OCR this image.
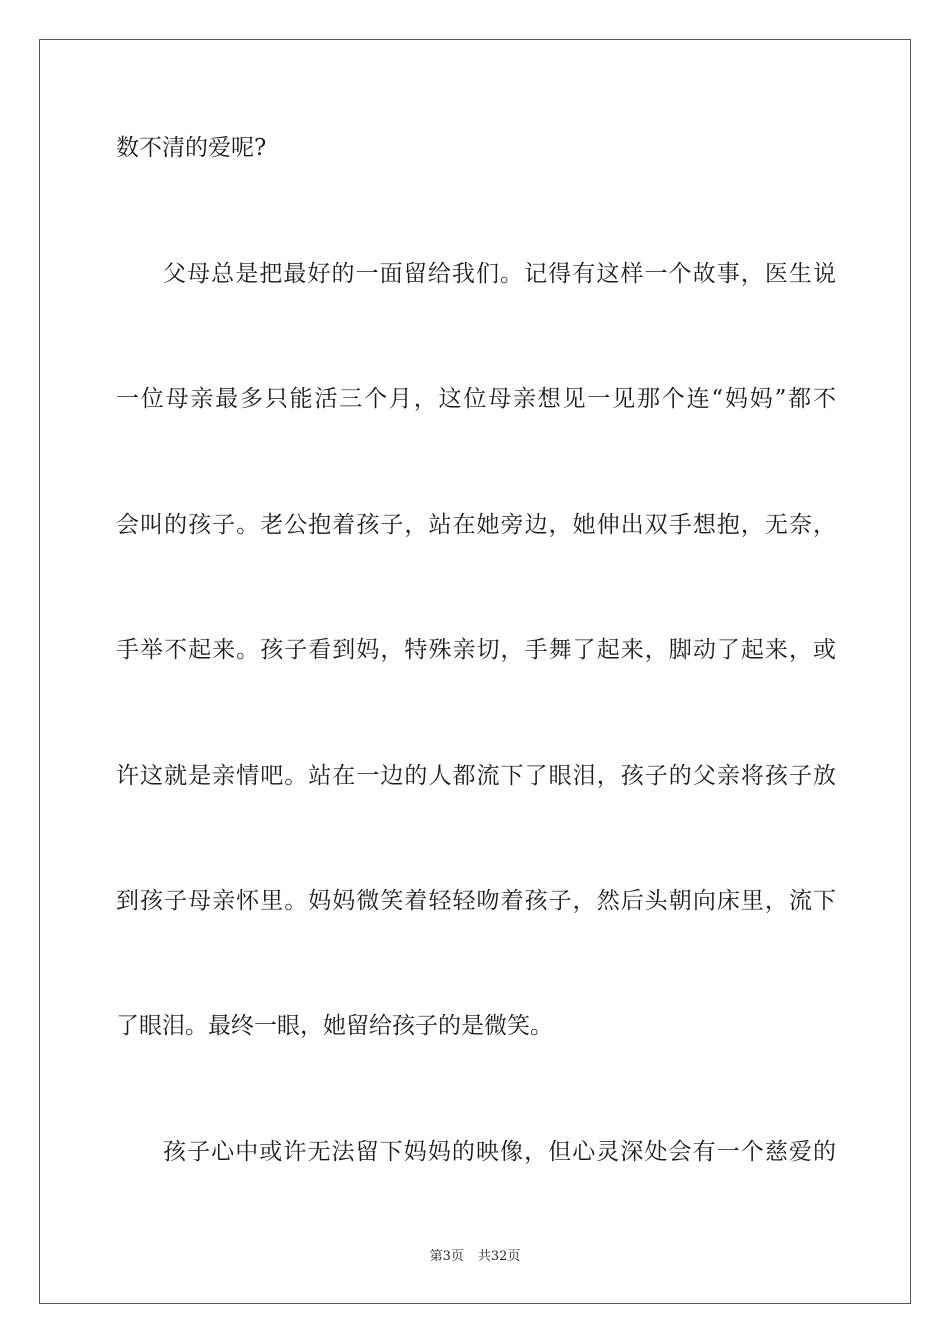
数不清的爱呢?
父母总是把最好的一面留给我们。记得有这样一个故事，医生说
一位母亲最多只能活三个月，这位母亲想见一见那个连“妈妈”都不
会叫的孩子。老公抱着孩子，站在她旁边，她伸出双手想抱，无奈，
手举不起来。孩子看到妈，特殊亲切，手舞了起来，脚动了起来，或
许这就是亲情吧。站在一边的人都流下了眼泪，孩子的父亲将孩子放
到孩子母亲怀里。妈妈微笑着轻轻吻着孩子，然后头朝向床里，流下
了眼泪。最终一眼，她留给孩子的是微笑。
孩子心中或许无法留下妈妈的映像，但心灵深处会有一个慈爱的
第3页 共32页
